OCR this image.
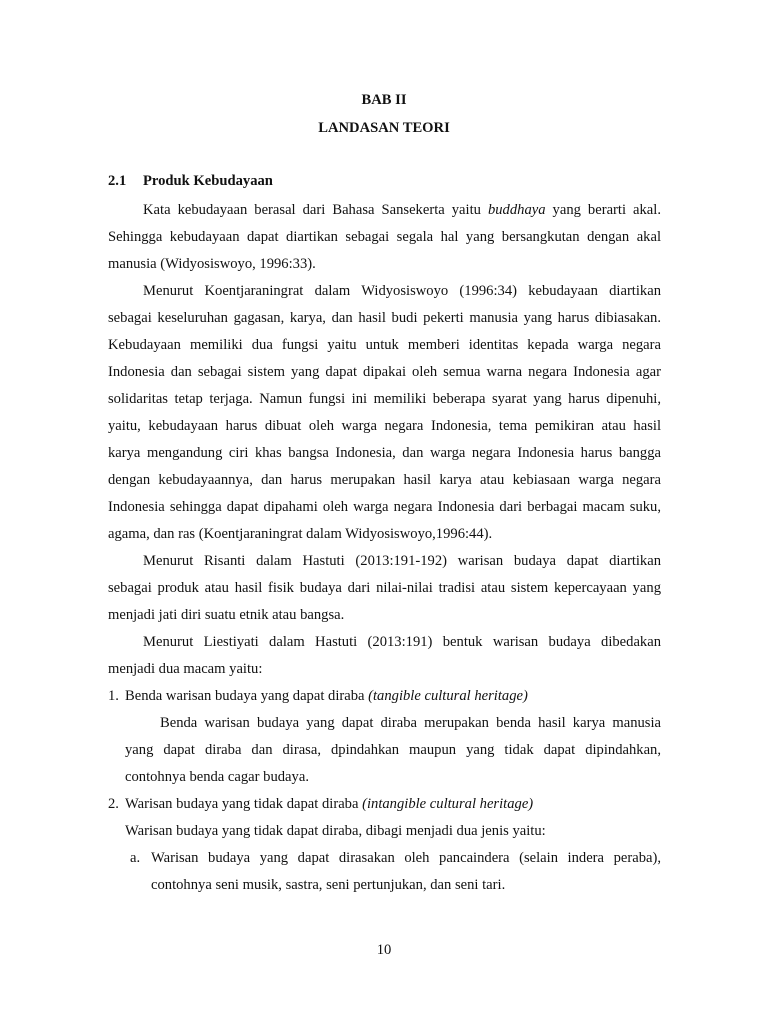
BAB II
LANDASAN TEORI
2.1 Produk Kebudayaan
Kata kebudayaan berasal dari Bahasa Sansekerta yaitu buddhaya yang berarti akal.
Sehingga kebudayaan dapat diartikan sebagai segala hal yang bersangkutan dengan akal
manusia (Widyosiswoyo, 1996:33).
Menurut Koentjaraningrat dalam Widyosiswoyo (1996:34) kebudayaan diartikan
sebagai keseluruhan gagasan, karya, dan hasil budi pekerti manusia yang harus dibiasakan.
Kebudayaan memiliki dua fungsi yaitu untuk memberi identitas kepada warga negara
Indonesia dan sebagai sistem yang dapat dipakai oleh semua warna negara Indonesia agar
solidaritas tetap terjaga. Namun fungsi ini memiliki beberapa syarat yang harus dipenuhi,
yaitu, kebudayaan harus dibuat oleh warga negara Indonesia, tema pemikiran atau hasil
karya mengandung ciri khas bangsa Indonesia, dan warga negara Indonesia harus bangga
dengan kebudayaannya, dan harus merupakan hasil karya atau kebiasaan warga negara
Indonesia sehingga dapat dipahami oleh warga negara Indonesia dari berbagai macam suku,
agama, dan ras (Koentjaraningrat dalam Widyosiswoyo,1996:44).
Menurut Risanti dalam Hastuti (2013:191-192) warisan budaya dapat diartikan
sebagai produk atau hasil fisik budaya dari nilai-nilai tradisi atau sistem kepercayaan yang
menjadi jati diri suatu etnik atau bangsa.
Menurut Liestiyati dalam Hastuti (2013:191) bentuk warisan budaya dibedakan
menjadi dua macam yaitu:
1. Benda warisan budaya yang dapat diraba (tangible cultural heritage)
Benda warisan budaya yang dapat diraba merupakan benda hasil karya manusia
yang dapat diraba dan dirasa, dpindahkan maupun yang tidak dapat dipindahkan,
contohnya benda cagar budaya.
2. Warisan budaya yang tidak dapat diraba (intangible cultural heritage)
Warisan budaya yang tidak dapat diraba, dibagi menjadi dua jenis yaitu:
a. Warisan budaya yang dapat dirasakan oleh pancaindera (selain indera peraba),
contohnya seni musik, sastra, seni pertunjukan, dan seni tari.
10
